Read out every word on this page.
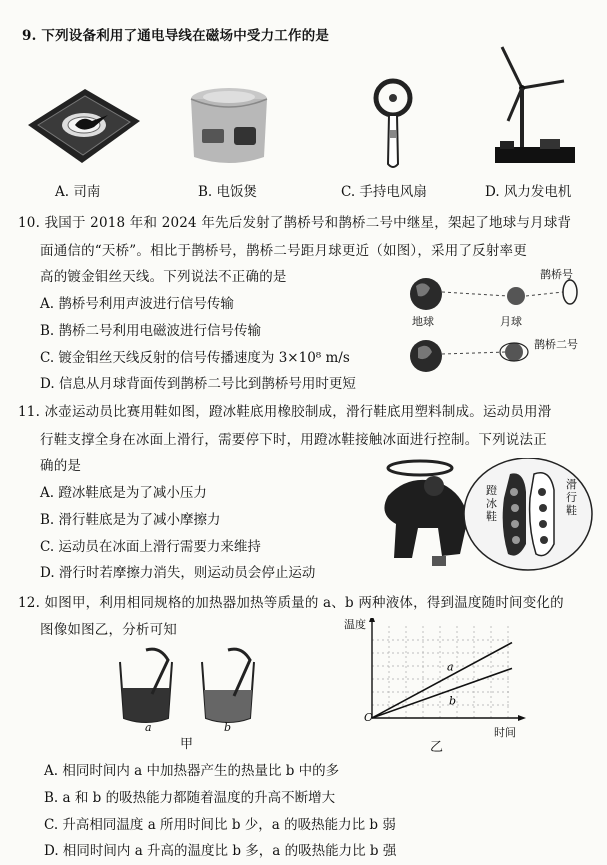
9. 下列设备利用了通电导线在磁场中受力工作的是
A. 司南	B. 电饭煲	C. 手持电风扇	D. 风力发电机
10. 我国于 2018 年和 2024 年先后发射了鹊桥号和鹊桥二号中继星，架起了地球与月球背
面通信的“天桥”。相比于鹊桥号，鹊桥二号距月球更近（如图），采用了反射率更
高的镀金钼丝天线。下列说法不正确的是
A. 鹊桥号利用声波进行信号传输
B. 鹊桥二号利用电磁波进行信号传输
C. 镀金钼丝天线反射的信号传播速度为 3×10⁸ m/s
D. 信息从月球背面传到鹊桥二号比到鹊桥号用时更短
鹊桥号
地球	月球
鹊桥二号
11. 冰壶运动员比赛用鞋如图，蹬冰鞋底用橡胶制成，滑行鞋底用塑料制成。运动员用滑
行鞋支撑全身在冰面上滑行，需要停下时，用蹬冰鞋接触冰面进行控制。下列说法正
确的是
A. 蹬冰鞋底是为了减小压力
B. 滑行鞋底是为了减小摩擦力
C. 运动员在冰面上滑行需要力来维持
D. 滑行时若摩擦力消失，则运动员会停止运动
蹬冰鞋
滑行鞋
12. 如图甲，利用相同规格的加热器加热等质量的 a、b 两种液体，得到温度随时间变化的
图像如图乙，分析可知
a	b
甲
a
b
温度
时间
O
乙
A. 相同时间内 a 中加热器产生的热量比 b 中的多
B. a 和 b 的吸热能力都随着温度的升高不断增大
C. 升高相同温度 a 所用时间比 b 少，a 的吸热能力比 b 弱
D. 相同时间内 a 升高的温度比 b 多，a 的吸热能力比 b 强
